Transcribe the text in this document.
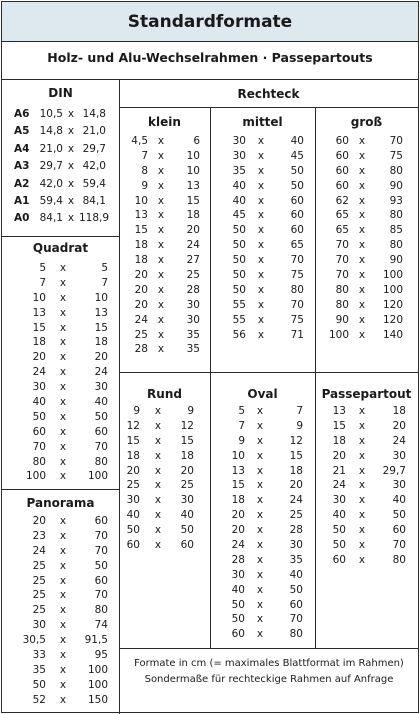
Standardformate
Holz- und Alu-Wechselrahmen · Passepartouts
DIN
A6 10,5 x 14,8
A5 14,8 x 21,0
A4 21,0 x 29,7
A3 29,7 x 42,0
A2 42,0 x 59,4
A1 59,4 x 84,1
A0 84,1 x 118,9
Quadrat
5	x	5
7	x	7
10	x	10
13	x	13
15	x	15
18	x	18
20	x	20
24	x	24
30	x	30
40	x	40
50	x	50
60	x	60
70	x	70
80	x	80
100	x	100
Panorama
20	x	60
23	x	70
24	x	70
25	x	50
25	x	60
25	x	70
25	x	80
30	x	74
30,5	x	91,5
33	x	95
35	x	100
50	x	100
52	x	150
Rechteck
klein
4,5 x	6
7 x	10
8 x	10
9 x	13
10 x	15
13 x	18
15 x	20
18 x	24
18 x	27
20 x	25
20 x	28
20 x	30
24 x	30
25 x	35
28 x	35
mittel
30	x	40
30	x	45
35	x	50
40	x	50
40	x	60
45	x	60
50	x	60
50	x	65
50	x	70
50	x	75
50	x	80
55	x	70
55	x	75
56	x	71
groß
60 x	70
60 x	75
60 x	80
60 x	90
62 x	93
65 x	80
65 x	85
70 x	80
70 x	90
70 x	100
80 x	100
80 x	120
90 x	120
100 x	140
Rund
9	x	9
12	x	12
15	x	15
18	x	18
20	x	20
25	x	25
30	x	30
40	x	40
50	x	50
60	x	60
Oval
5	x	7
7	x	9
9	x	12
10	x	15
13	x	18
15	x	20
18	x	24
20	x	25
20	x	28
24	x	30
28	x	35
30	x	40
40	x	50
50	x	60
50	x	70
60	x	80
Passepartout
13	x	18
15	x	20
18	x	24
20	x	30
21	x	29,7
24	x	30
30	x	40
40	x	50
50	x	60
50	x	70
60	x	80
Formate in cm (= maximales Blattformat im Rahmen)
Sondermaße für rechteckige Rahmen auf Anfrage
